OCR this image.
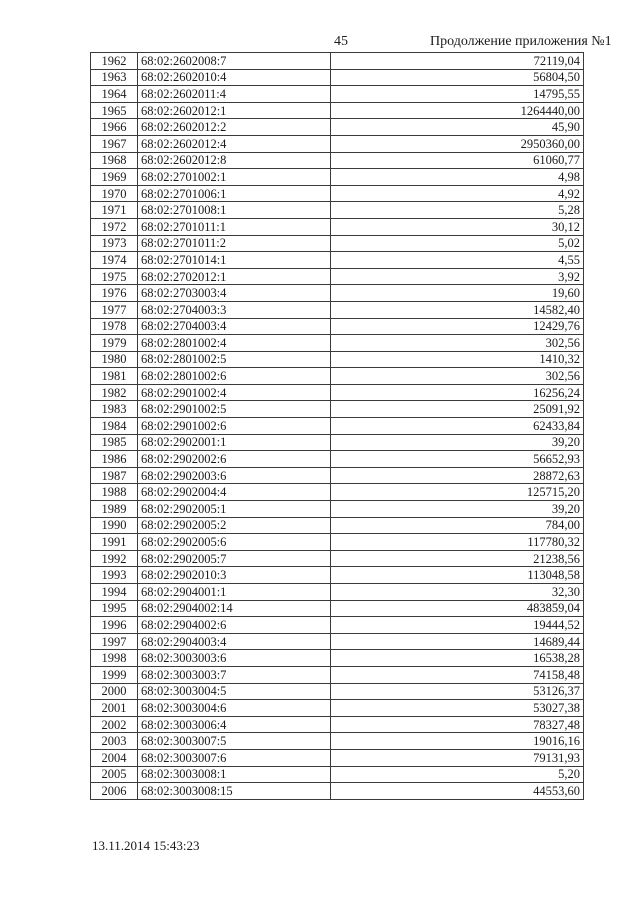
45	Продолжение приложения №1
1962	68:02:2602008:7	72119,04
1963	68:02:2602010:4	56804,50
1964	68:02:2602011:4	14795,55
1965	68:02:2602012:1	1264440,00
1966	68:02:2602012:2	45,90
1967	68:02:2602012:4	2950360,00
1968	68:02:2602012:8	61060,77
1969	68:02:2701002:1	4,98
1970	68:02:2701006:1	4,92
1971	68:02:2701008:1	5,28
1972	68:02:2701011:1	30,12
1973	68:02:2701011:2	5,02
1974	68:02:2701014:1	4,55
1975	68:02:2702012:1	3,92
1976	68:02:2703003:4	19,60
1977	68:02:2704003:3	14582,40
1978	68:02:2704003:4	12429,76
1979	68:02:2801002:4	302,56
1980	68:02:2801002:5	1410,32
1981	68:02:2801002:6	302,56
1982	68:02:2901002:4	16256,24
1983	68:02:2901002:5	25091,92
1984	68:02:2901002:6	62433,84
1985	68:02:2902001:1	39,20
1986	68:02:2902002:6	56652,93
1987	68:02:2902003:6	28872,63
1988	68:02:2902004:4	125715,20
1989	68:02:2902005:1	39,20
1990	68:02:2902005:2	784,00
1991	68:02:2902005:6	117780,32
1992	68:02:2902005:7	21238,56
1993	68:02:2902010:3	113048,58
1994	68:02:2904001:1	32,30
1995	68:02:2904002:14	483859,04
1996	68:02:2904002:6	19444,52
1997	68:02:2904003:4	14689,44
1998	68:02:3003003:6	16538,28
1999	68:02:3003003:7	74158,48
2000	68:02:3003004:5	53126,37
2001	68:02:3003004:6	53027,38
2002	68:02:3003006:4	78327,48
2003	68:02:3003007:5	19016,16
2004	68:02:3003007:6	79131,93
2005	68:02:3003008:1	5,20
2006	68:02:3003008:15	44553,60
13.11.2014 15:43:23
